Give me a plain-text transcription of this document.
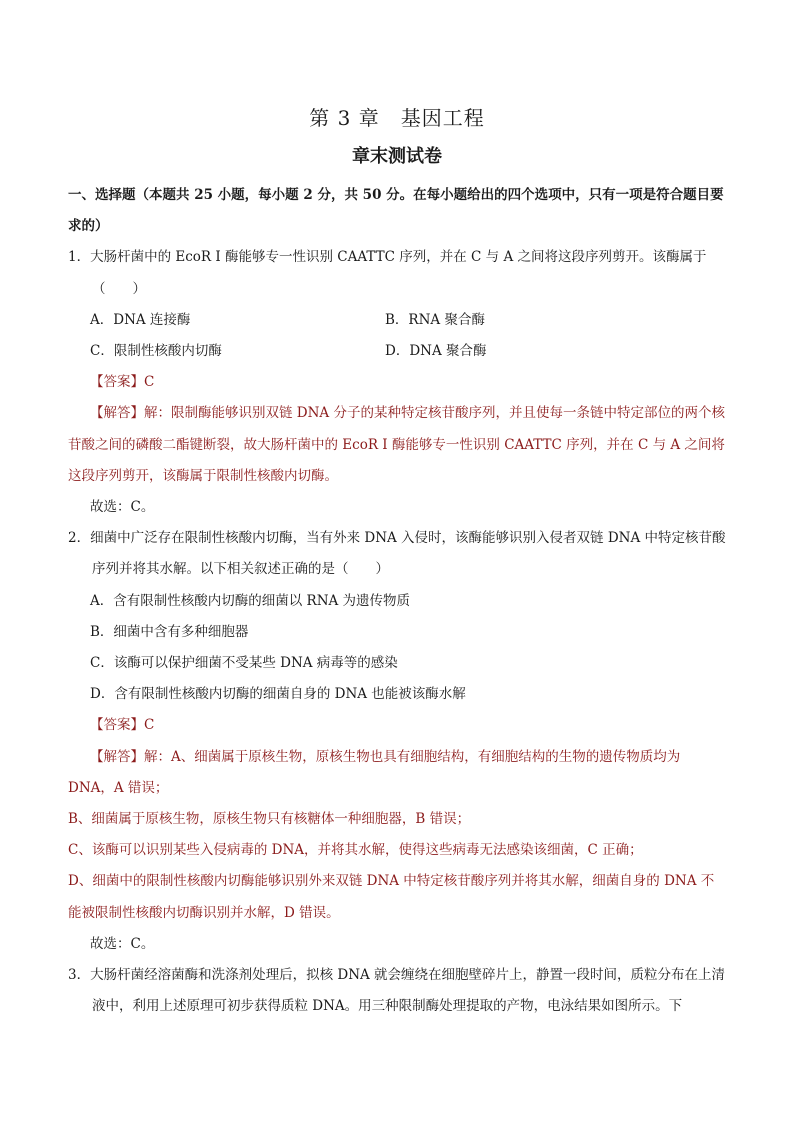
第 3 章　基因工程
章末测试卷
一、选择题（本题共 25 小题，每小题 2 分，共 50 分。在每小题给出的四个选项中，只有一项是符合题目要求的）
1．大肠杆菌中的 EcoR I 酶能够专一性识别 CAATTC 序列，并在 C 与 A 之间将这段序列剪开。该酶属于（　　）
A．DNA 连接酶	B．RNA 聚合酶
C．限制性核酸内切酶	D．DNA 聚合酶
【答案】C
【解答】解：限制酶能够识别双链 DNA 分子的某种特定核苷酸序列，并且使每一条链中特定部位的两个核苷酸之间的磷酸二酯键断裂，故大肠杆菌中的 EcoR I 酶能够专一性识别 CAATTC 序列，并在 C 与 A 之间将这段序列剪开，该酶属于限制性核酸内切酶。
故选：C。
2．细菌中广泛存在限制性核酸内切酶，当有外来 DNA 入侵时，该酶能够识别入侵者双链 DNA 中特定核苷酸序列并将其水解。以下相关叙述正确的是（　　）
A．含有限制性核酸内切酶的细菌以 RNA 为遗传物质
B．细菌中含有多种细胞器
C．该酶可以保护细菌不受某些 DNA 病毒等的感染
D．含有限制性核酸内切酶的细菌自身的 DNA 也能被该酶水解
【答案】C
【解答】解：A、细菌属于原核生物，原核生物也具有细胞结构，有细胞结构的生物的遗传物质均为 DNA，A 错误；
B、细菌属于原核生物，原核生物只有核糖体一种细胞器，B 错误；
C、该酶可以识别某些入侵病毒的 DNA，并将其水解，使得这些病毒无法感染该细菌，C 正确；
D、细菌中的限制性核酸内切酶能够识别外来双链 DNA 中特定核苷酸序列并将其水解，细菌自身的 DNA 不能被限制性核酸内切酶识别并水解，D 错误。
故选：C。
3．大肠杆菌经溶菌酶和洗涤剂处理后，拟核 DNA 就会缠绕在细胞壁碎片上，静置一段时间，质粒分布在上清液中，利用上述原理可初步获得质粒 DNA。用三种限制酶处理提取的产物，电泳结果如图所示。下
